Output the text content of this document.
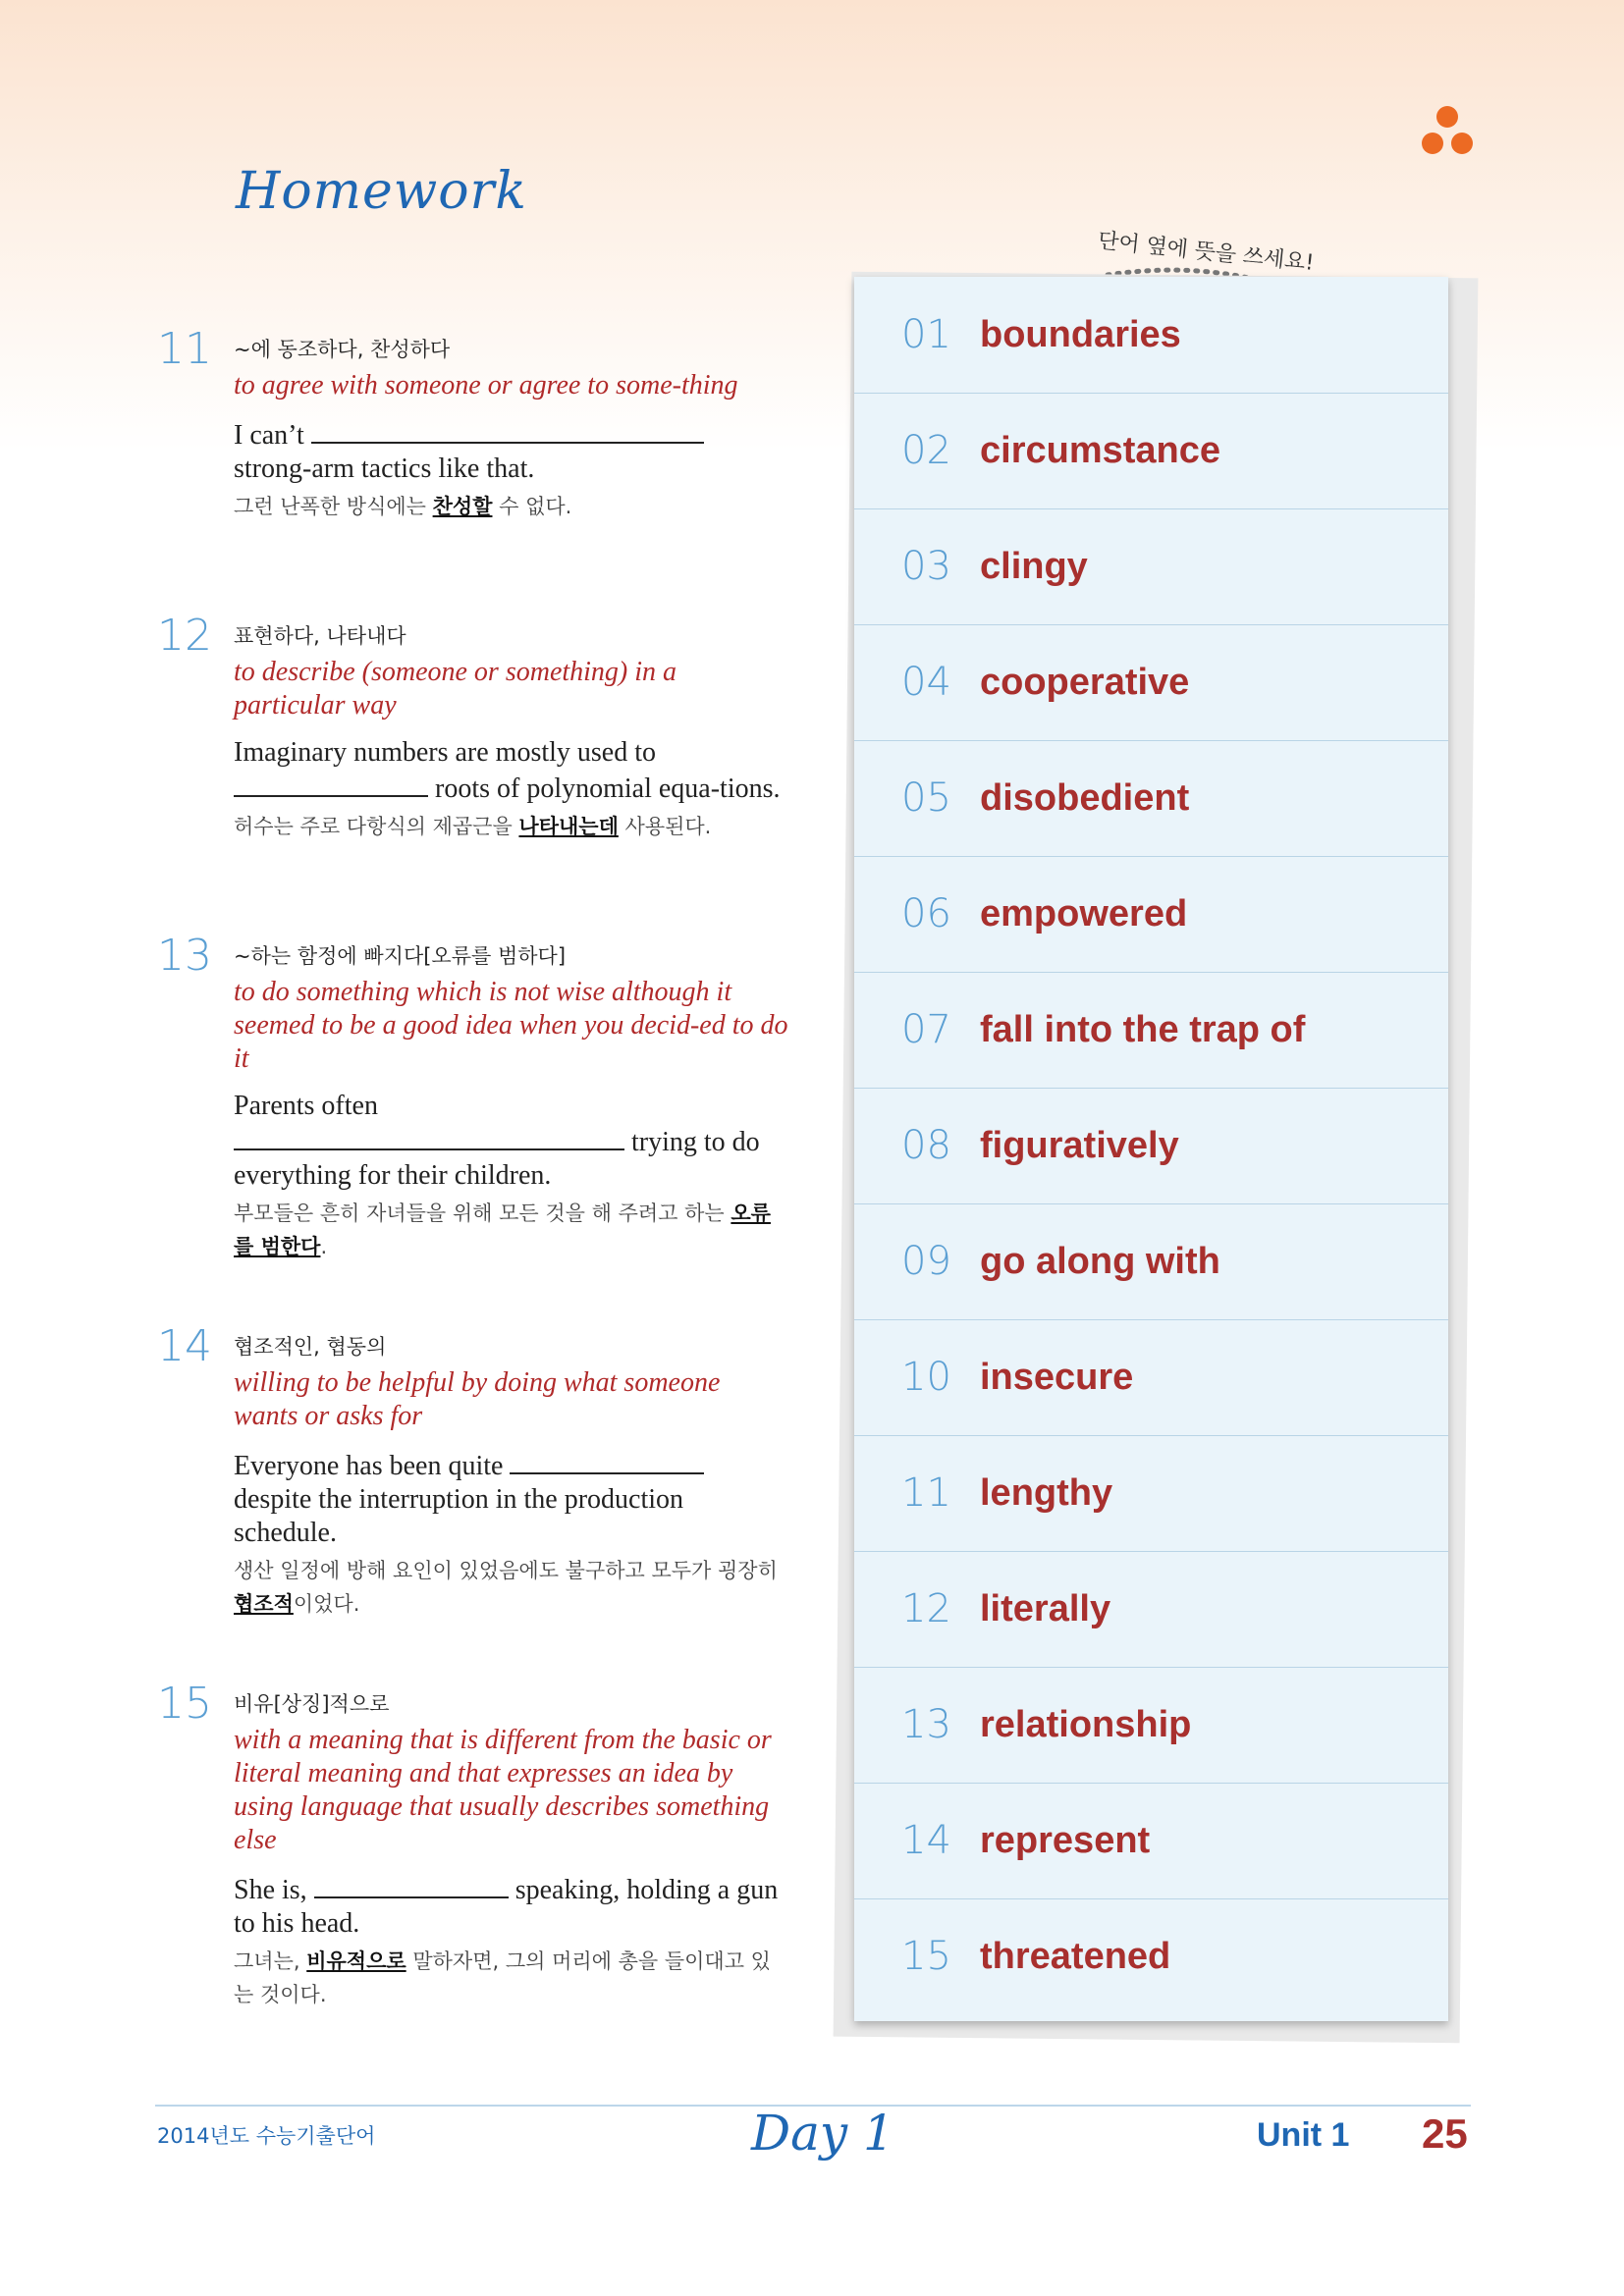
Homework
단어 옆에 뜻을 쓰세요!
11 ~에 동조하다, 찬성하다

to agree with someone or agree to some-thing

I can’t
strong-arm tactics like that.

그런 난폭한 방식에는 찬성할 수 없다.

12 표현하다, 나타내다

to describe (someone or something) in a particular way

Imaginary numbers are mostly used to
roots of polynomial equa-tions.

허수는 주로 다항식의 제곱근을 나타내는데 사용된다.

13 ~하는 함정에 빠지다[오류를 범하다]

to do something which is not wise although it seemed to be a good idea when you decid-ed to do it

Parents often
trying to do everything for their children.

부모들은 흔히 자녀들을 위해 모든 것을 해 주려고 하는 오류를 범한다.

14 협조적인, 협동의

willing to be helpful by doing what someone wants or asks for

Everyone has been quite
despite the interruption in the production schedule.

생산 일정에 방해 요인이 있었음에도 불구하고 모두가 굉장히 협조적이었다.

15 비유[상징]적으로

with a meaning that is different from the basic or literal meaning and that expresses an idea by using language that usually describes something else

She is,	speaking, holding a gun to his head.

그녀는, 비유적으로 말하자면, 그의 머리에 총을 들이대고 있는 것이다.

01 boundaries
02 circumstance
03 clingy
04 cooperative
05 disobedient
06 empowered
07 fall into the trap of
08 figuratively
09 go along with
10 insecure
11 lengthy
12 literally
13 relationship
14 represent
15 threatened
2014년도 수능기출단어	Day 1	Unit 1 25
